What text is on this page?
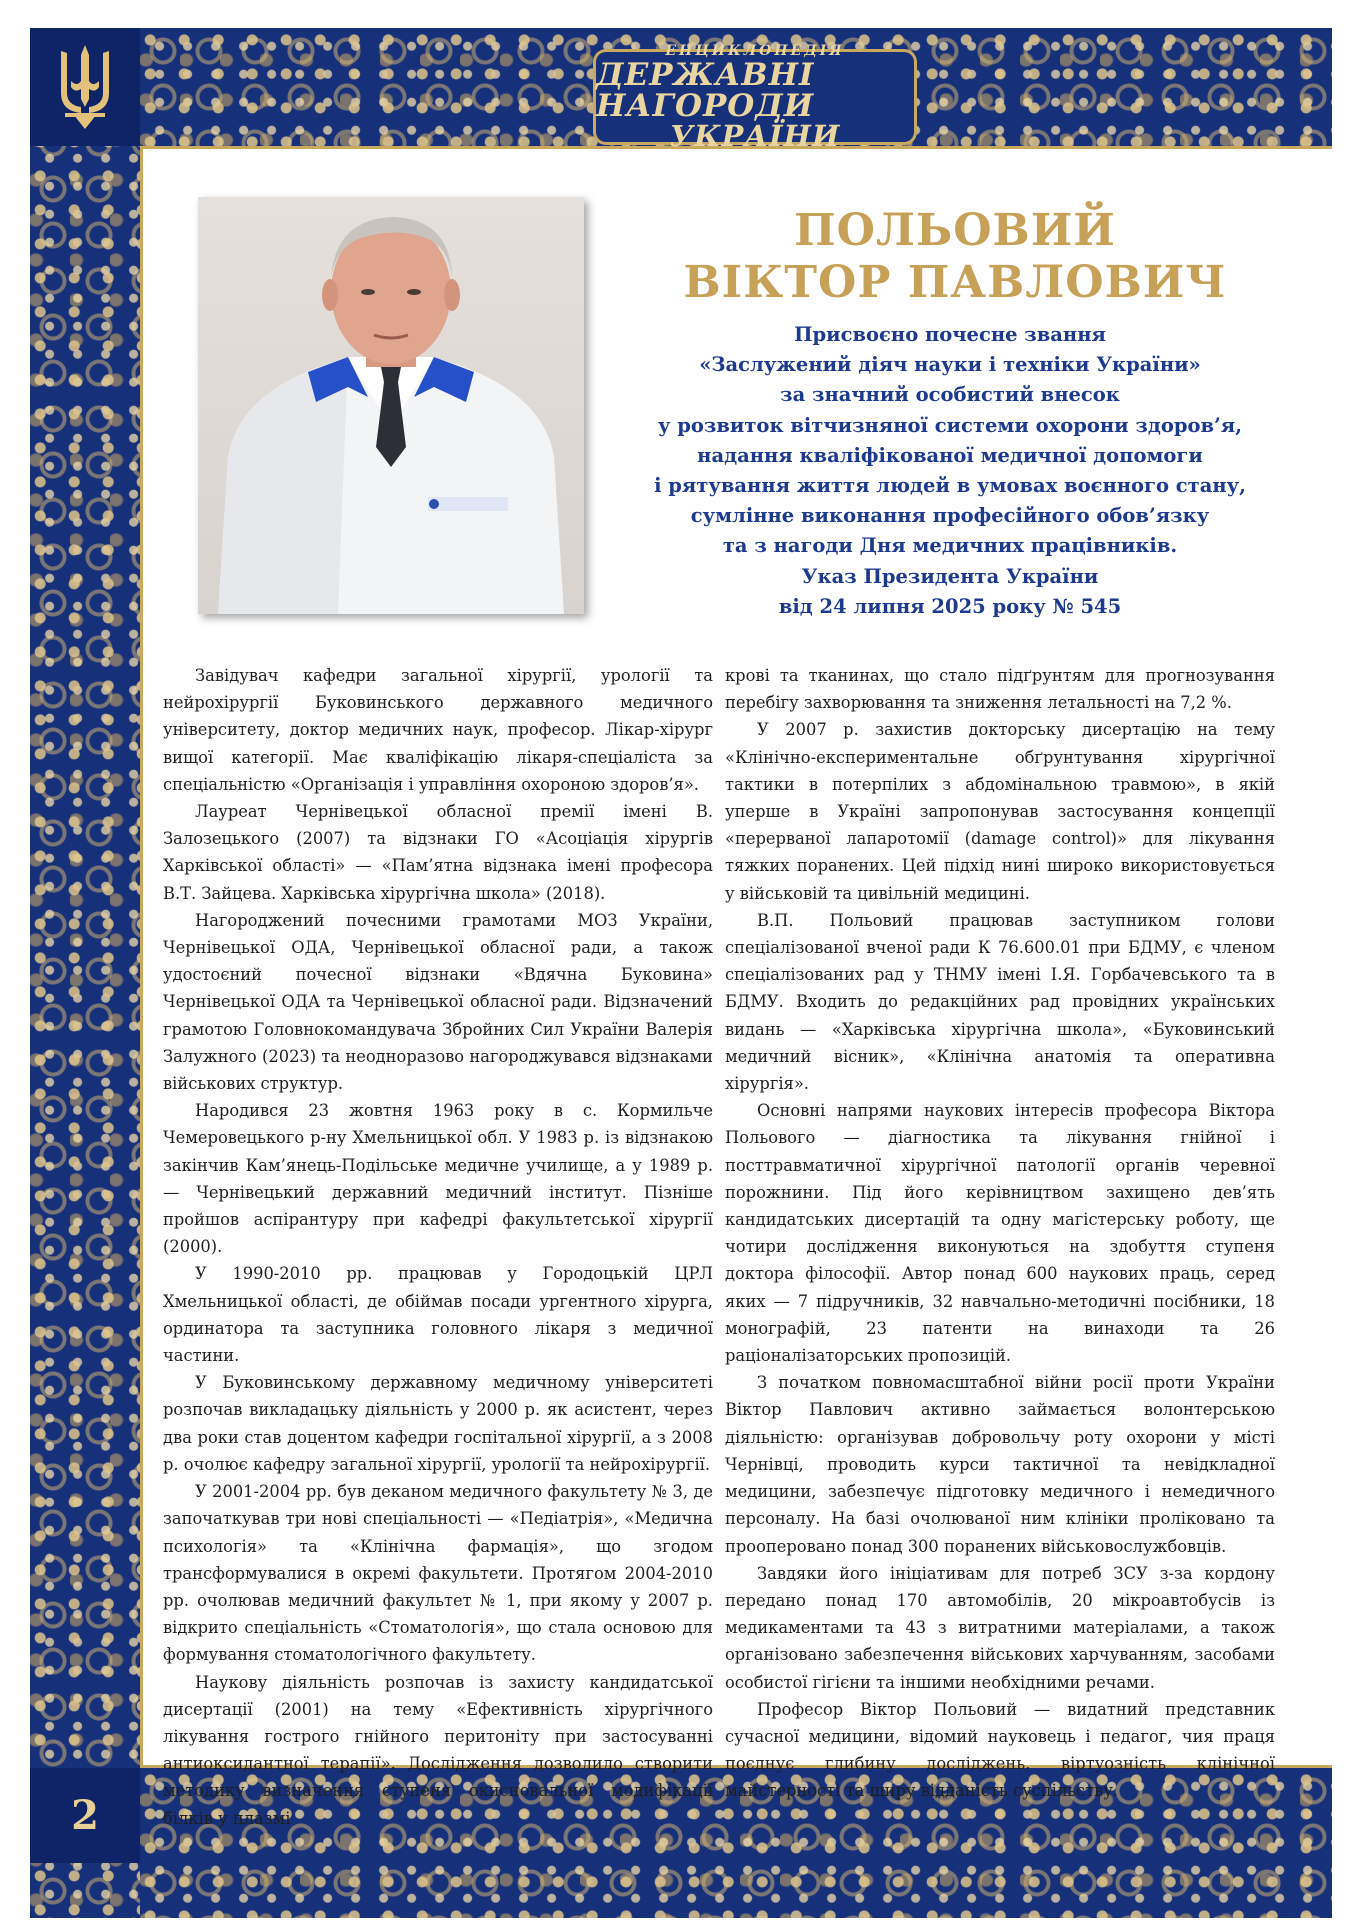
ЕНЦИКЛОПЕДІЯ
ДЕРЖАВНІ НАГОРОДИ
УКРАЇНИ
2
ПОЛЬОВИЙ
ВІКТОР ПАВЛОВИЧ
Присвоєно почесне звання
«Заслужений діяч науки і техніки України»
за значний особистий внесок
у розвиток вітчизняної системи охорони здоров’я,
надання кваліфікованої медичної допомоги
і рятування життя людей в умовах воєнного стану,
сумлінне виконання професійного обов’язку
та з нагоди Дня медичних працівників.
Указ Президента України
від 24 липня 2025 року № 545

Завідувач кафедри загальної хірургії, урології та нейрохірургії Буковинського державного медичного університету, доктор медичних наук, професор. Лікар-хірург вищої категорії. Має кваліфікацію лікаря-спеціаліста за спеціальністю «Організація і управління охороною здоров’я».

Лауреат Чернівецької обласної премії імені В. Залозецького (2007) та відзнаки ГО «Асоціація хірургів Харківської області» — «Пам’ятна відзнака імені професора В.Т. Зайцева. Харківська хірургічна школа» (2018).

Нагороджений почесними грамотами МОЗ України, Чернівецької ОДА, Чернівецької обласної ради, а також удостоєний почесної відзнаки «Вдячна Буковина» Чернівецької ОДА та Чернівецької обласної ради. Відзначений грамотою Головнокомандувача Збройних Сил України Валерія Залужного (2023) та неодноразово нагороджувався відзнаками військових структур.

Народився 23 жовтня 1963 року в с. Кормильче Чемеровецького р-ну Хмельницької обл. У 1983 р. із відзнакою закінчив Кам’янець-Подільське медичне училище, а у 1989 р. — Чернівецький державний медичний інститут. Пізніше пройшов аспірантуру при кафедрі факультетської хірургії (2000).

У 1990-2010 рр. працював у Городоцькій ЦРЛ Хмельницької області, де обіймав посади ургентного хірурга, ординатора та заступника головного лікаря з медичної частини.

У Буковинському державному медичному університеті розпочав викладацьку діяльність у 2000 р. як асистент, через два роки став доцентом кафедри госпітальної хірургії, а з 2008 р. очолює кафедру загальної хірургії, урології та нейрохірургії.

У 2001-2004 рр. був деканом медичного факультету № 3, де започаткував три нові спеціальності — «Педіатрія», «Медична психологія» та «Клінічна фармація», що згодом трансформувалися в окремі факультети. Протягом 2004-2010 рр. очолював медичний факультет № 1, при якому у 2007 р. відкрито спеціальність «Стоматологія», що стала основою для формування стоматологічного факультету.

Наукову діяльність розпочав із захисту кандидатської дисертації (2001) на тему «Ефективність хірургічного лікування гострого гнійного перитоніту при застосуванні антиоксидантної терапії». Дослідження дозволило створити методику визначення ступеня окисновальної модифікації білків у плазмі

крові та тканинах, що стало підґрунтям для прогнозування перебігу захворювання та зниження летальності на 7,2 %.

У 2007 р. захистив докторську дисертацію на тему «Клінічно-експериментальне обґрунтування хірургічної тактики в потерпілих з абдомінальною травмою», в якій уперше в Україні запропонував застосування концепції «перерваної лапаротомії (damage control)» для лікування тяжких поранених. Цей підхід нині широко використовується у військовій та цивільній медицині.

В.П. Польовий працював заступником голови спеціалізованої вченої ради К 76.600.01 при БДМУ, є членом спеціалізованих рад у ТНМУ імені І.Я. Горбачевського та в БДМУ. Входить до редакційних рад провідних українських видань — «Харківська хірургічна школа», «Буковинський медичний вісник», «Клінічна анатомія та оперативна хірургія».

Основні напрями наукових інтересів професора Віктора Польового — діагностика та лікування гнійної і посттравматичної хірургічної патології органів черевної порожнини. Під його керівництвом захищено дев’ять кандидатських дисертацій та одну магістерську роботу, ще чотири дослідження виконуються на здобуття ступеня доктора філософії. Автор понад 600 наукових праць, серед яких — 7 підручників, 32 навчально-методичні посібники, 18 монографій, 23 патенти на винаходи та 26 раціоналізаторських пропозицій.

З початком повномасштабної війни росії проти України Віктор Павлович активно займається волонтерською діяльністю: організував добровольчу роту охорони у місті Чернівці, проводить курси тактичної та невідкладної медицини, забезпечує підготовку медичного і немедичного персоналу. На базі очолюваної ним клініки проліковано та прооперовано понад 300 поранених військовослужбовців.

Завдяки його ініціативам для потреб ЗСУ з-за кордону передано понад 170 автомобілів, 20 мікроавтобусів із медикаментами та 43 з витратними матеріалами, а також організовано забезпечення військових харчуванням, засобами особистої гігієни та іншими необхідними речами.

Професор Віктор Польовий — видатний представник сучасної медицини, відомий науковець і педагог, чия праця поєднує глибину досліджень, віртуозність клінічної майстерності та щиру відданість суспільству.
